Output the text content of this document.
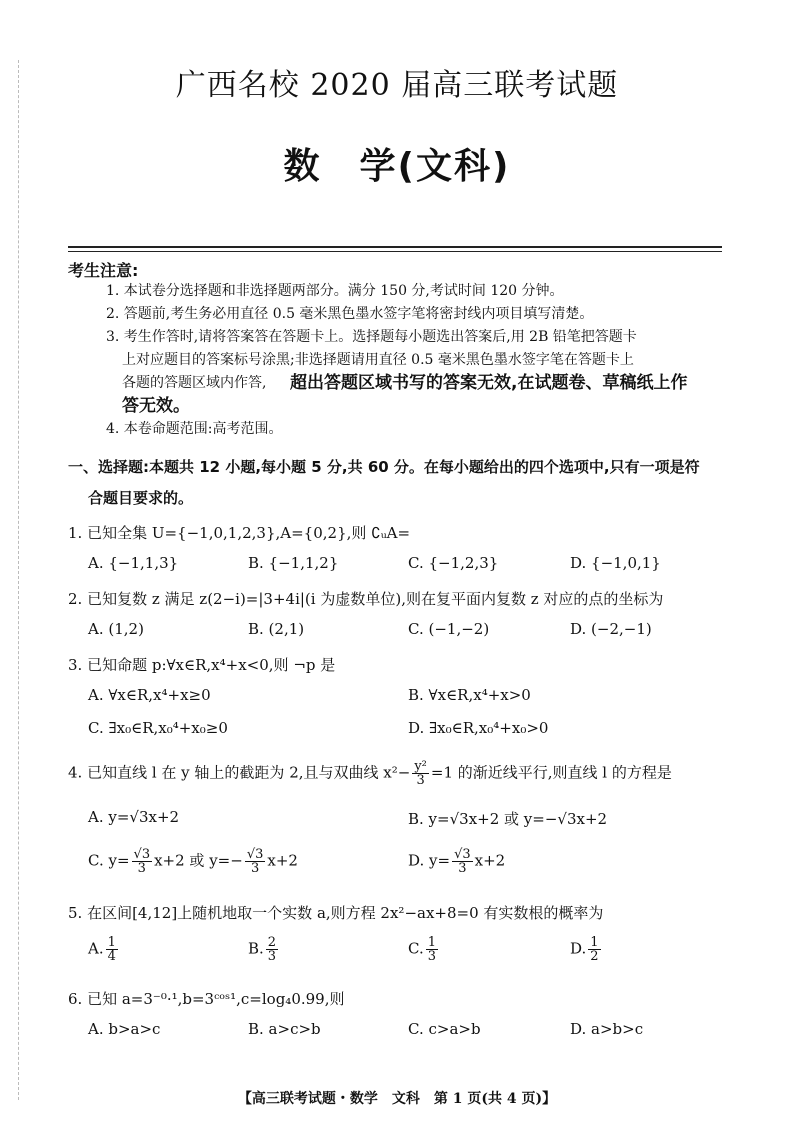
广西名校 2020 届高三联考试题
数　学(文科)
考生注意:
1. 本试卷分选择题和非选择题两部分。满分 150 分,考试时间 120 分钟。
2. 答题前,考生务必用直径 0.5 毫米黑色墨水签字笔将密封线内项目填写清楚。
3. 考生作答时,请将答案答在答题卡上。选择题每小题选出答案后,用 2B 铅笔把答题卡
上对应题目的答案标号涂黑;非选择题请用直径 0.5 毫米黑色墨水签字笔在答题卡上
各题的答题区域内作答, 超出答题区域书写的答案无效,在试题卷、草稿纸上作
答无效。
4. 本卷命题范围:高考范围。
一、选择题:本题共 12 小题,每小题 5 分,共 60 分。在每小题给出的四个选项中,只有一项是符
合题目要求的。
1. 已知全集 U={−1,0,1,2,3},A={0,2},则 ∁ᵤA=
A. {−1,1,3}	B. {−1,1,2}	C. {−1,2,3}	D. {−1,0,1}
2. 已知复数 z 满足 z(2−i)=|3+4i|(i 为虚数单位),则在复平面内复数 z 对应的点的坐标为
A. (1,2)	B. (2,1)	C. (−1,−2)	D. (−2,−1)
3. 已知命题 p:∀x∈R,x⁴+x<0,则 ¬p 是
A. ∀x∈R,x⁴+x≥0	B. ∀x∈R,x⁴+x>0
C. ∃x₀∈R,x₀⁴+x₀≥0	D. ∃x₀∈R,x₀⁴+x₀>0
4. 已知直线 l 在 y 轴上的截距为 2,且与双曲线 $x^2- \frac{\text{y²}}{3} =1$ 的渐近线平行,则直线 l 的方程是
A. y=√3x+2	B. y=√3x+2 或 y=−√3x+2
C. $y= \frac{√3}{3} x+2$ 或 $y=- \frac{√3}{3} x+2$	D. $y= \frac{√3}{3} x+2$
5. 在区间[4,12]上随机地取一个实数 a,则方程 2x²−ax+8=0 有实数根的概率为
A. $\frac{1}{4}$	B. $\frac{2}{3}$	C. $\frac{1}{3}$	D. $\frac{1}{2}$
6. 已知 a=3⁻⁰·¹,b=3ᶜᵒˢ¹,c=log₄0.99,则
A. b>a>c	B. a>c>b	C. c>a>b	D. a>b>c
【高三联考试题・数学　文科　第 1 页(共 4 页)】
